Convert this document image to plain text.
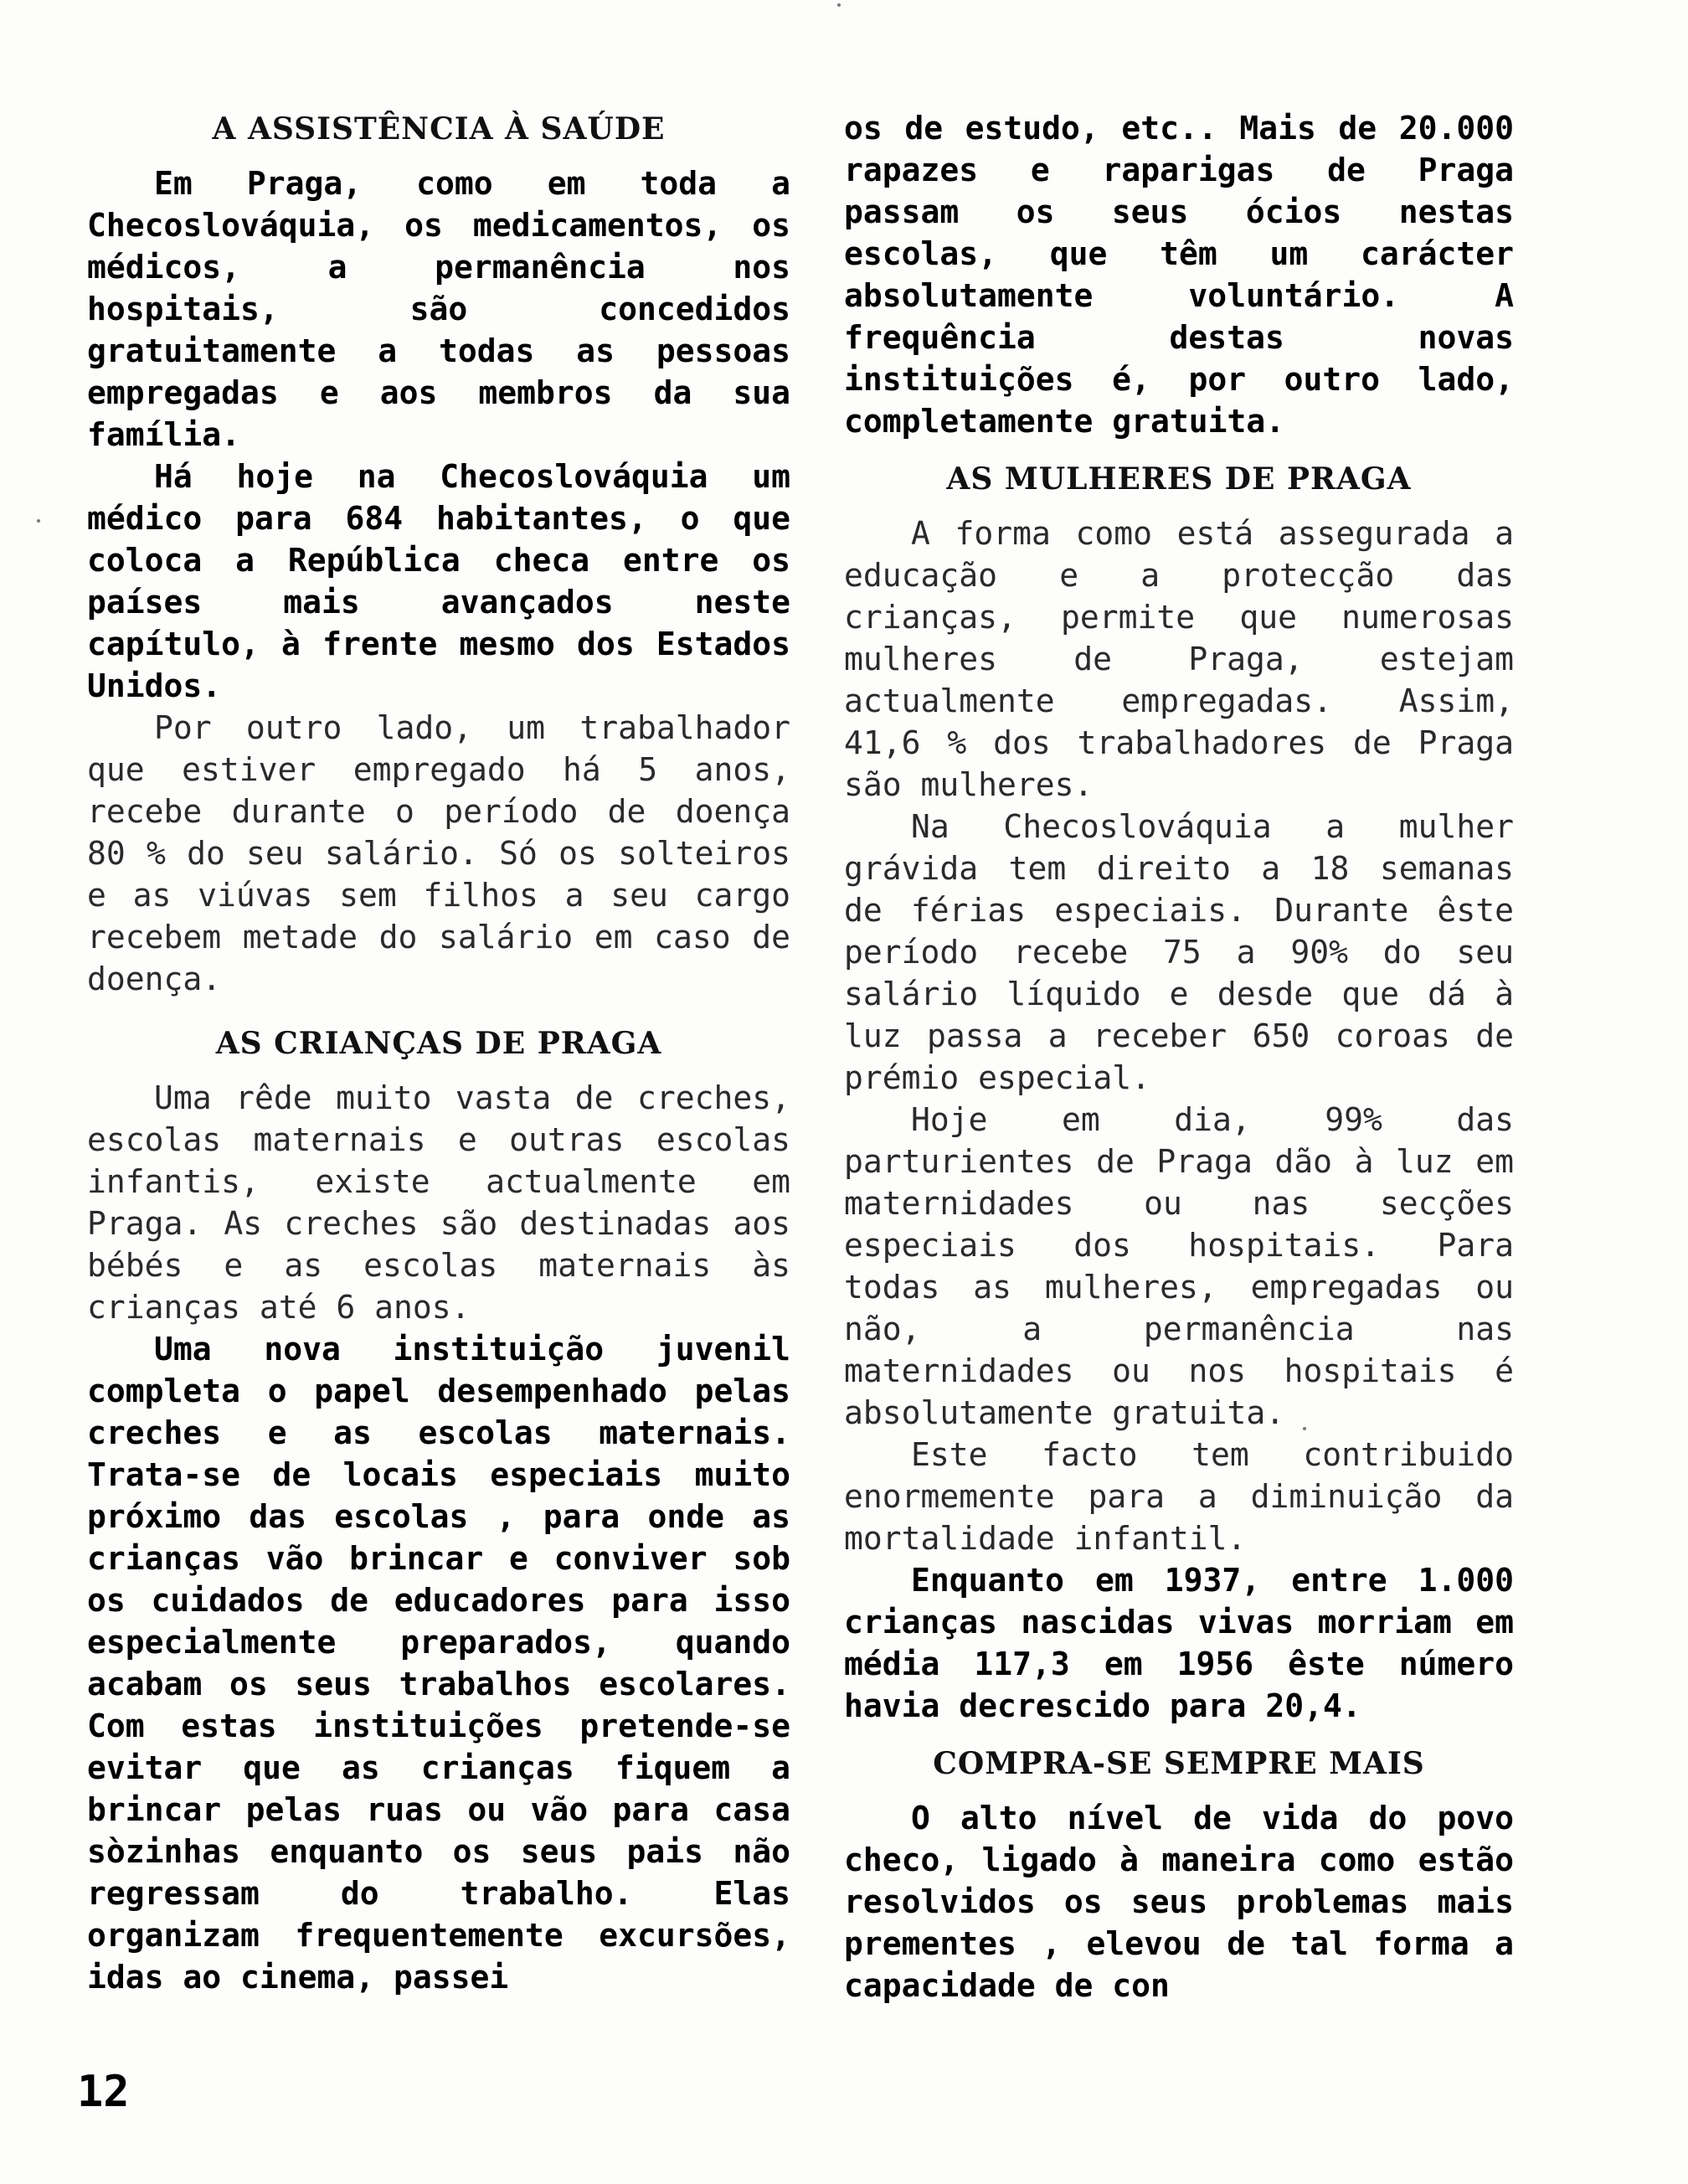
A ASSISTÊNCIA À SAÚDE

Em Praga, como em toda a Checoslováquia, os medicamentos, os médicos, a permanência nos hospitais, são concedidos gratuitamente a todas as pessoas empregadas e aos membros da sua família.

Há hoje na Checoslováquia um médico para 684 habitantes, o que coloca a República checa entre os países mais avançados neste capítulo, à frente mesmo dos Estados Unidos.

Por outro lado, um trabalhador que estiver empregado há 5 anos, recebe durante o período de doença 80 % do seu salário. Só os solteiros e as viúvas sem filhos a seu cargo recebem metade do salário em caso de doença.

AS CRIANÇAS DE PRAGA

Uma rêde muito vasta de creches, escolas maternais e outras escolas infantis, existe actualmente em Praga. As creches são destinadas aos bébés e as escolas maternais às crianças até 6 anos.

Uma nova instituição juvenil completa o papel desempenhado pelas creches e as escolas maternais. Trata-se de locais especiais muito próximo das escolas , para onde as crianças vão brincar e conviver sob os cuidados de educadores para isso especialmente preparados, quando acabam os seus trabalhos escolares. Com estas instituições pretende-se evitar que as crianças fiquem a brincar pelas ruas ou vão para casa sòzinhas enquanto os seus pais não regressam do trabalho. Elas organizam frequentemente excursões, idas ao cinema, passei

os de estudo, etc.. Mais de 20.000 rapazes e raparigas de Praga passam os seus ócios nestas escolas, que têm um carácter absolutamente voluntário. A frequência destas novas instituições é, por outro lado, completamente gratuita.

AS MULHERES DE PRAGA

A forma como está assegurada a educação e a protecção das crianças, permite que numerosas mulheres de Praga, estejam actualmente empregadas. Assim, 41,6 % dos trabalhadores de Praga são mulheres.

Na Checoslováquia a mulher grávida tem direito a 18 semanas de férias especiais. Durante êste período recebe 75 a 90% do seu salário líquido e desde que dá à luz passa a receber 650 coroas de prémio especial.

Hoje em dia, 99% das parturientes de Praga dão à luz em maternidades ou nas secções especiais dos hospitais. Para todas as mulheres, empregadas ou não, a permanência nas maternidades ou nos hospitais é absolutamente gratuita.

Este facto tem contribuido enormemente para a diminuição da mortalidade infantil.

Enquanto em 1937, entre 1.000 crianças nascidas vivas morriam em média 117,3 em 1956 êste número havia decrescido para 20,4.

COMPRA-SE SEMPRE MAIS

O alto nível de vida do povo checo, ligado à maneira como estão resolvidos os seus problemas mais prementes , elevou de tal forma a capacidade de con

12
